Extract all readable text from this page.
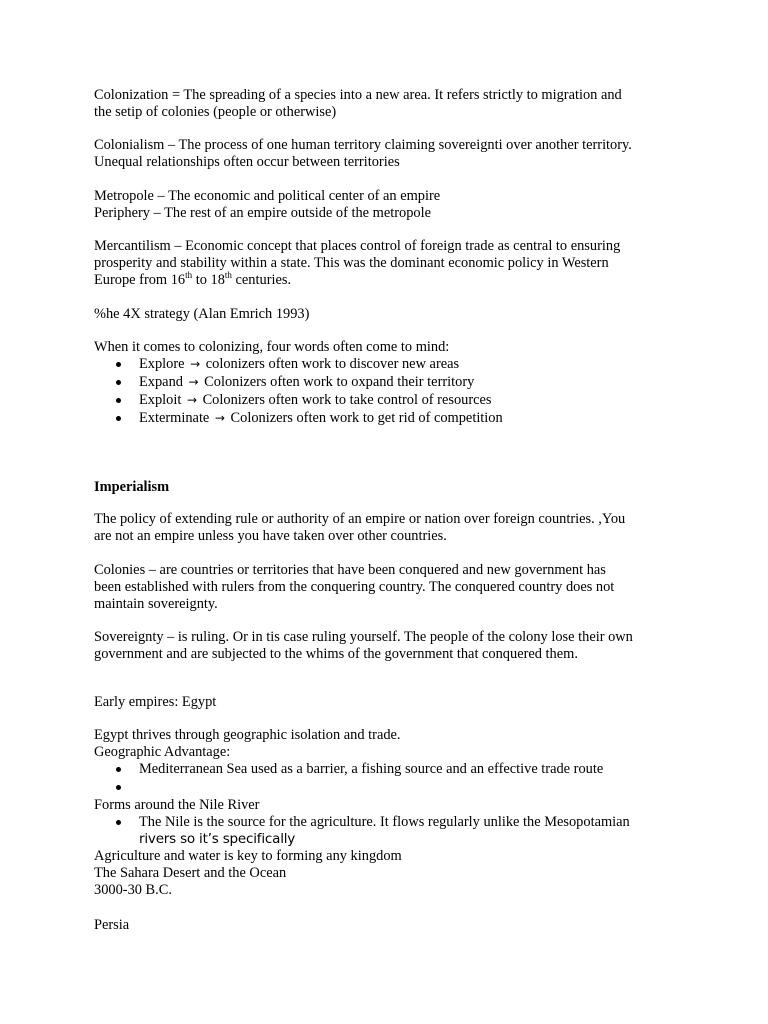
Colonization = The spreading of a species into a new area. It refers strictly to migration and
the setip of colonies (people or otherwise)

Colonialism – The process of one human territory claiming sovereignti over another territory.
Unequal relationships often occur between territories

Metropole – The economic and political center of an empire
Periphery – The rest of an empire outside of the metropole

Mercantilism – Economic concept that places control of foreign trade as central to ensuring
prosperity and stability within a state. This was the dominant economic policy in Western
Europe from 16th to 18th centuries.

%he 4X strategy (Alan Emrich 1993)

When it comes to colonizing, four words often come to mind:
Explore → colonizers often work to discover new areas
Expand → Colonizers often work to oxpand their territory
Exploit → Colonizers often work to take control of resources
Exterminate → Colonizers often work to get rid of competition

Imperialism

The policy of extending rule or authority of an empire or nation over foreign countries. ,You
are not an empire unless you have taken over other countries.

Colonies – are countries or territories that have been conquered and new government has
been established with rulers from the conquering country. The conquered country does not
maintain sovereignty.

Sovereignty – is ruling. Or in tis case ruling yourself. The people of the colony lose their own
government and are subjected to the whims of the government that conquered them.

Early empires: Egypt

Egypt thrives through geographic isolation and trade.
Geographic Advantage:
Mediterranean Sea used as a barrier, a fishing source and an effective trade route
Forms around the Nile River
The Nile is the source for the agriculture. It flows regularly unlike the Mesopotamian
rivers so it’s specifically
Agriculture and water is key to forming any kingdom
The Sahara Desert and the Ocean
3000-30 B.C.

Persia
